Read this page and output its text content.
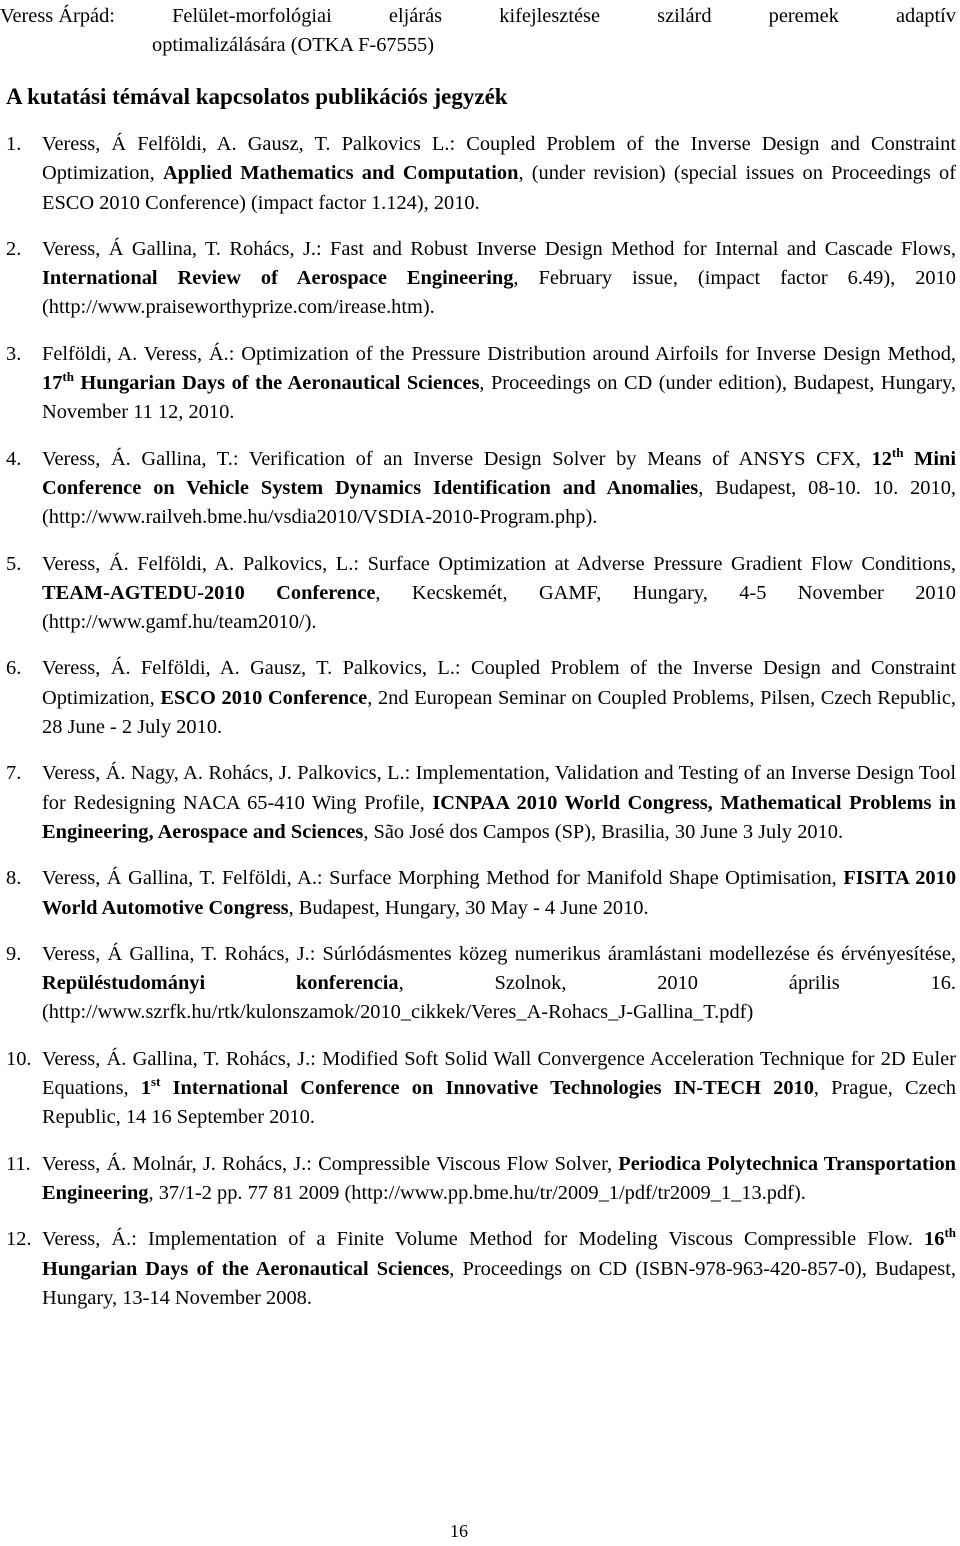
Veress Árpád:	Felület-morfológiai	eljárás	kifejlesztése	szilárd	peremek	adaptív
optimalizálására (OTKA F-67555)
A kutatási témával kapcsolatos publikációs jegyzék
1. Veress, Á Felföldi, A. Gausz, T. Palkovics L.: Coupled Problem of the Inverse Design and Constraint Optimization, Applied Mathematics and Computation, (under revision) (special issues on Proceedings of ESCO 2010 Conference) (impact factor 1.124), 2010.
2. Veress, Á Gallina, T. Rohács, J.: Fast and Robust Inverse Design Method for Internal and Cascade Flows, International Review of Aerospace Engineering, February issue, (impact factor 6.49), 2010 (http://www.praiseworthyprize.com/irease.htm).
3. Felföldi, A. Veress, Á.: Optimization of the Pressure Distribution around Airfoils for Inverse Design Method, 17th Hungarian Days of the Aeronautical Sciences, Proceedings on CD (under edition), Budapest, Hungary, November 11 12, 2010.
4. Veress, Á. Gallina, T.: Verification of an Inverse Design Solver by Means of ANSYS CFX, 12th Mini Conference on Vehicle System Dynamics Identification and Anomalies, Budapest, 08-10. 10. 2010, (http://www.railveh.bme.hu/vsdia2010/VSDIA-2010-Program.php).
5. Veress, Á. Felföldi, A. Palkovics, L.: Surface Optimization at Adverse Pressure Gradient Flow Conditions, TEAM-AGTEDU-2010 Conference, Kecskemét, GAMF, Hungary, 4-5 November 2010 (http://www.gamf.hu/team2010/).
6. Veress, Á. Felföldi, A. Gausz, T. Palkovics, L.: Coupled Problem of the Inverse Design and Constraint Optimization, ESCO 2010 Conference, 2nd European Seminar on Coupled Problems, Pilsen, Czech Republic, 28 June - 2 July 2010.
7. Veress, Á. Nagy, A. Rohács, J. Palkovics, L.: Implementation, Validation and Testing of an Inverse Design Tool for Redesigning NACA 65-410 Wing Profile, ICNPAA 2010 World Congress, Mathematical Problems in Engineering, Aerospace and Sciences, São José dos Campos (SP), Brasilia, 30 June 3 July 2010.
8. Veress, Á Gallina, T. Felföldi, A.: Surface Morphing Method for Manifold Shape Optimisation, FISITA 2010 World Automotive Congress, Budapest, Hungary, 30 May - 4 June 2010.
9. Veress, Á Gallina, T. Rohács, J.: Súrlódásmentes közeg numerikus áramlástani modellezése és érvényesítése, Repüléstudományi konferencia, Szolnok, 2010 április 16. (http://www.szrfk.hu/rtk/kulonszamok/2010_cikkek/Veres_A-Rohacs_J-Gallina_T.pdf)
10. Veress, Á. Gallina, T. Rohács, J.: Modified Soft Solid Wall Convergence Acceleration Technique for 2D Euler Equations, 1st International Conference on Innovative Technologies IN-TECH 2010, Prague, Czech Republic, 14 16 September 2010.
11. Veress, Á. Molnár, J. Rohács, J.: Compressible Viscous Flow Solver, Periodica Polytechnica Transportation Engineering, 37/1-2 pp. 77 81 2009 (http://www.pp.bme.hu/tr/2009_1/pdf/tr2009_1_13.pdf).
12. Veress, Á.: Implementation of a Finite Volume Method for Modeling Viscous Compressible Flow. 16th Hungarian Days of the Aeronautical Sciences, Proceedings on CD (ISBN-978-963-420-857-0), Budapest, Hungary, 13-14 November 2008.
16
